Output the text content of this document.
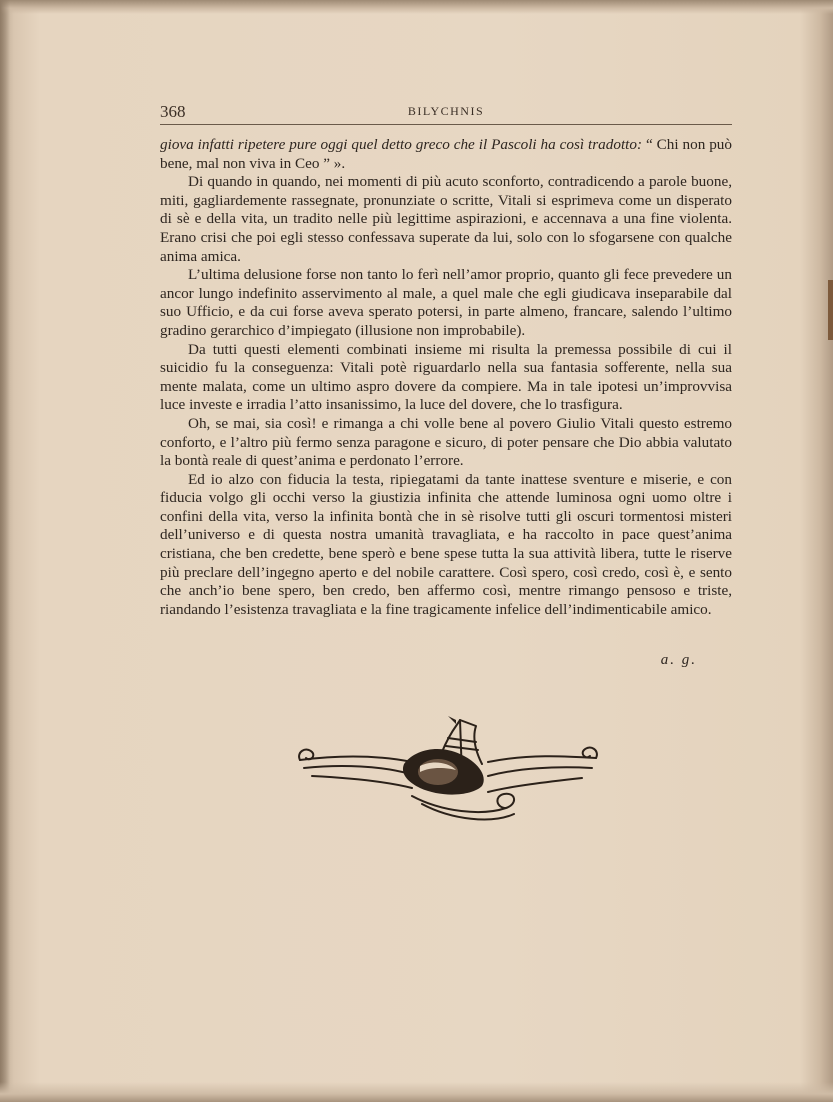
368	BILYCHNIS

giova infatti ripetere pure oggi quel detto greco che il Pascoli ha così tradotto: “ Chi non può bene, mal non viva in Ceo ” ».

Di quando in quando, nei momenti di più acuto sconforto, contradicendo a parole buone, miti, gagliardemente rassegnate, pronunziate o scritte, Vitali si esprimeva come un disperato di sè e della vita, un tradito nelle più legittime aspirazioni, e accennava a una fine violenta. Erano crisi che poi egli stesso confessava superate da lui, solo con lo sfogarsene con qualche anima amica.

L’ultima delusione forse non tanto lo ferì nell’amor proprio, quanto gli fece prevedere un ancor lungo indefinito asservimento al male, a quel male che egli giudicava inseparabile dal suo Ufficio, e da cui forse aveva sperato potersi, in parte almeno, francare, salendo l’ultimo gradino gerarchico d’impiegato (illusione non improbabile).

Da tutti questi elementi combinati insieme mi risulta la premessa possibile di cui il suicidio fu la conseguenza: Vitali potè riguardarlo nella sua fantasia sofferente, nella sua mente malata, come un ultimo aspro dovere da compiere. Ma in tale ipotesi un’improvvisa luce investe e irradia l’atto insanissimo, la luce del dovere, che lo trasfigura.

Oh, se mai, sia così! e rimanga a chi volle bene al povero Giulio Vitali questo estremo conforto, e l’altro più fermo senza paragone e sicuro, di poter pensare che Dio abbia valutato la bontà reale di quest’anima e perdonato l’errore.

Ed io alzo con fiducia la testa, ripiegatami da tante inattese sventure e miserie, e con fiducia volgo gli occhi verso la giustizia infinita che attende luminosa ogni uomo oltre i confini della vita, verso la infinita bontà che in sè risolve tutti gli oscuri tormentosi misteri dell’universo e di questa nostra umanità travagliata, e ha raccolto in pace quest’anima cristiana, che ben credette, bene sperò e bene spese tutta la sua attività libera, tutte le riserve più preclare dell’ingegno aperto e del nobile carattere. Così spero, così credo, così è, e sento che anch’io bene spero, ben credo, ben affermo così, mentre rimango pensoso e triste, riandando l’esistenza travagliata e la fine tragicamente infelice dell’indimenticabile amico.

a. g.
